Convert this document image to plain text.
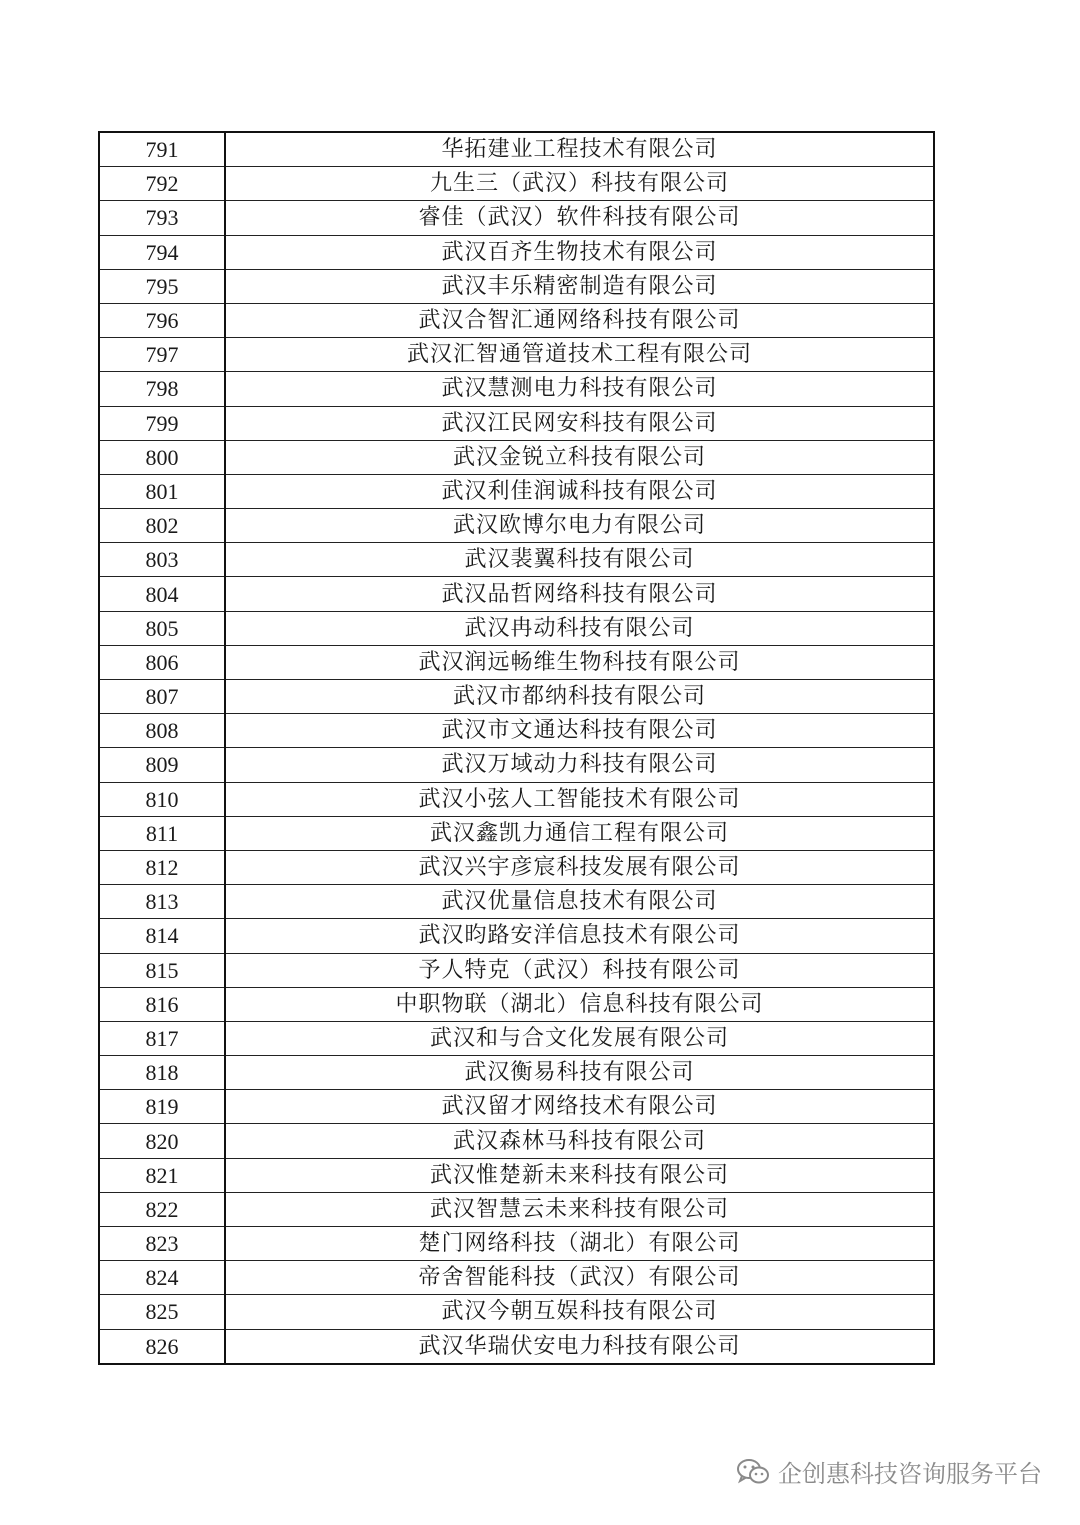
791	华拓建业工程技术有限公司
792	九生三（武汉）科技有限公司
793	睿佳（武汉）软件科技有限公司
794	武汉百齐生物技术有限公司
795	武汉丰乐精密制造有限公司
796	武汉合智汇通网络科技有限公司
797	武汉汇智通管道技术工程有限公司
798	武汉慧测电力科技有限公司
799	武汉江民网安科技有限公司
800	武汉金锐立科技有限公司
801	武汉利佳润诚科技有限公司
802	武汉欧博尔电力有限公司
803	武汉裴翼科技有限公司
804	武汉品哲网络科技有限公司
805	武汉冉动科技有限公司
806	武汉润远畅维生物科技有限公司
807	武汉市都纳科技有限公司
808	武汉市文通达科技有限公司
809	武汉万域动力科技有限公司
810	武汉小弦人工智能技术有限公司
811	武汉鑫凯力通信工程有限公司
812	武汉兴宇彦宸科技发展有限公司
813	武汉优量信息技术有限公司
814	武汉昀路安洋信息技术有限公司
815	予人特克（武汉）科技有限公司
816	中职物联（湖北）信息科技有限公司
817	武汉和与合文化发展有限公司
818	武汉衡易科技有限公司
819	武汉留才网络技术有限公司
820	武汉森林马科技有限公司
821	武汉惟楚新未来科技有限公司
822	武汉智慧云未来科技有限公司
823	楚门网络科技（湖北）有限公司
824	帝舍智能科技（武汉）有限公司
825	武汉今朝互娱科技有限公司
826	武汉华瑞伏安电力科技有限公司
企创惠科技咨询服务平台
